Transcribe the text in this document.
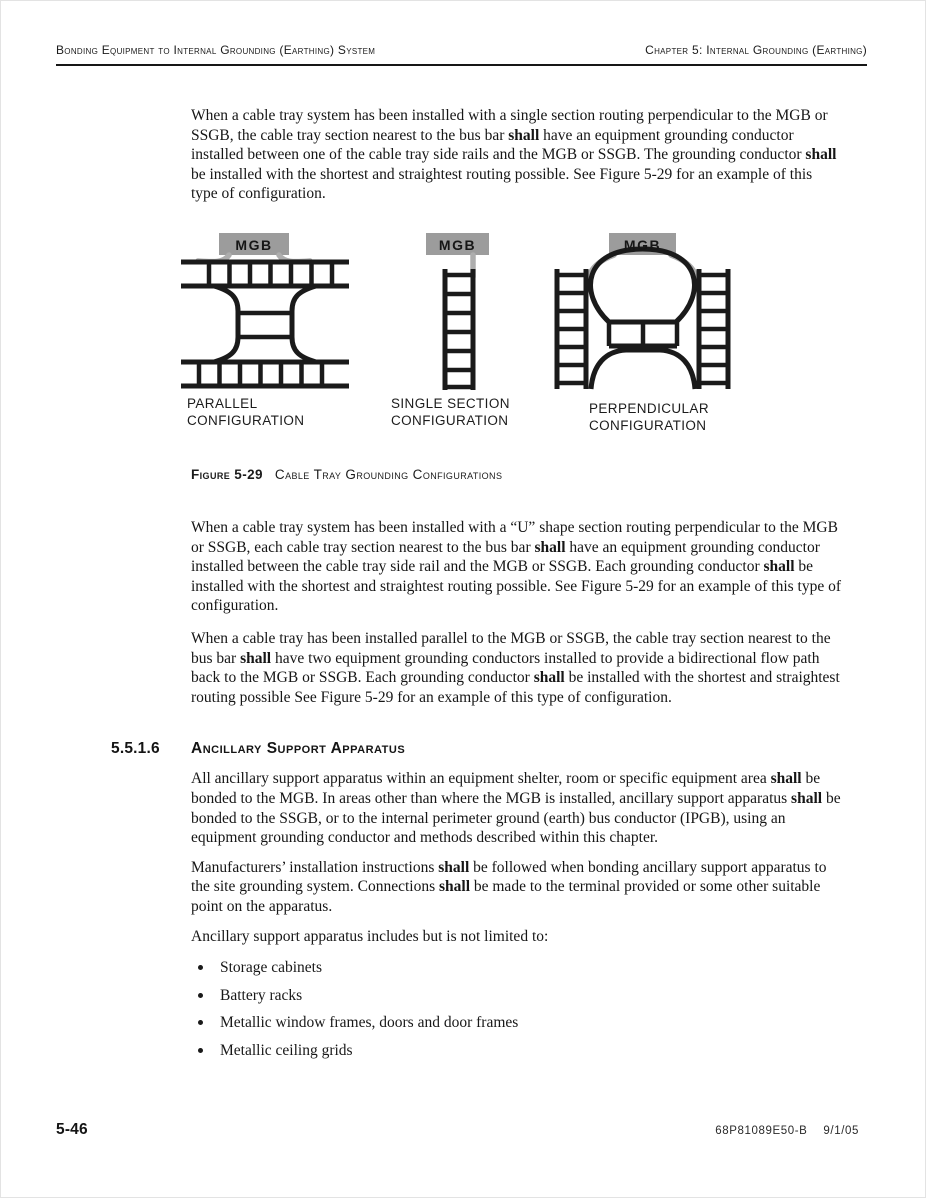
Bonding Equipment to Internal Grounding (Earthing) System	Chapter 5: Internal Grounding (Earthing)

When a cable tray system has been installed with a single section routing perpendicular to the MGB or SSGB, the cable tray section nearest to the bus bar shall have an equipment grounding conductor installed between one of the cable tray side rails and the MGB or SSGB. The grounding conductor shall be installed with the shortest and straightest routing possible. See Figure 5-29 for an example of this type of configuration.

MGB	MGB	MGB
PARALLEL
CONFIGURATION
SINGLE SECTION
CONFIGURATION
PERPENDICULAR
CONFIGURATION
Figure 5-29 Cable Tray Grounding Configurations

When a cable tray system has been installed with a “U” shape section routing perpendicular to the MGB or SSGB, each cable tray section nearest to the bus bar shall have an equipment grounding conductor installed between the cable tray side rail and the MGB or SSGB. Each grounding conductor shall be installed with the shortest and straightest routing possible. See Figure 5-29 for an example of this type of configuration.

When a cable tray has been installed parallel to the MGB or SSGB, the cable tray section nearest to the bus bar shall have two equipment grounding conductors installed to provide a bidirectional flow path back to the MGB or SSGB. Each grounding conductor shall be installed with the shortest and straightest routing possible See Figure 5-29 for an example of this type of configuration.

5.5.1.6	Ancillary Support Apparatus

All ancillary support apparatus within an equipment shelter, room or specific equipment area shall be bonded to the MGB. In areas other than where the MGB is installed, ancillary support apparatus shall be bonded to the SSGB, or to the internal perimeter ground (earth) bus conductor (IPGB), using an equipment grounding conductor and methods described within this chapter.

Manufacturers’ installation instructions shall be followed when bonding ancillary support apparatus to the site grounding system. Connections shall be made to the terminal provided or some other suitable point on the apparatus.

Ancillary support apparatus includes but is not limited to:

Storage cabinets
Battery racks
Metallic window frames, doors and door frames
Metallic ceiling grids
5-46	68P81089E50-B 9/1/05
